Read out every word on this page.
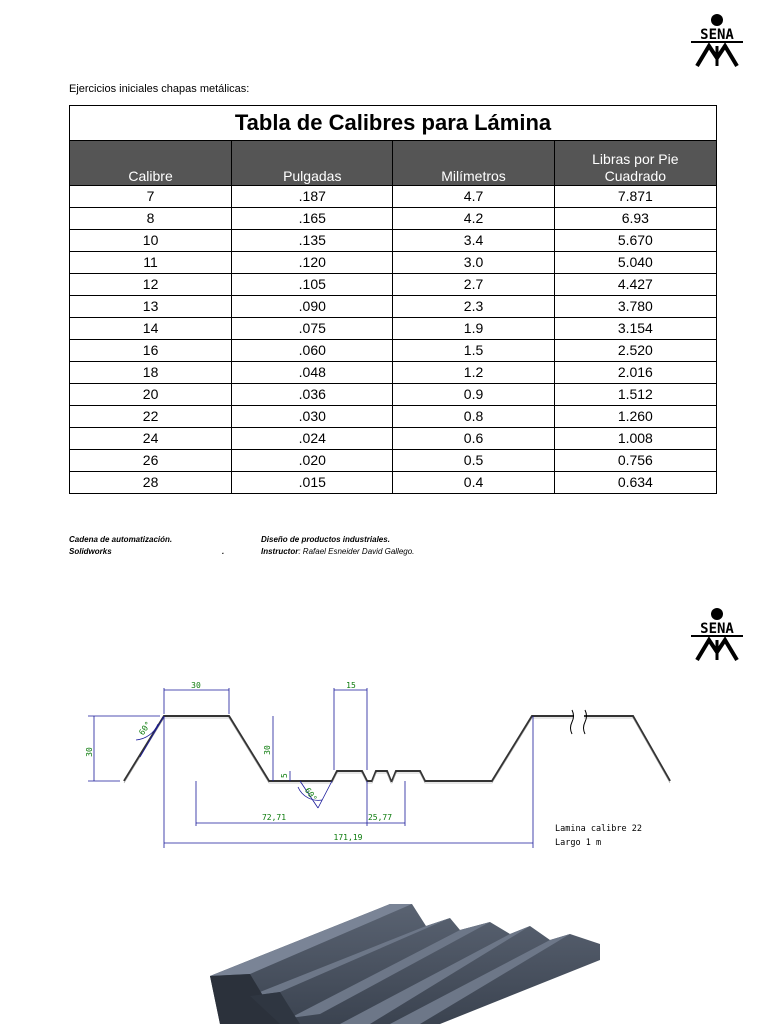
SENA
Ejercicios iniciales chapas metálicas:
Tabla de Calibres para Lámina			
Calibre	Pulgadas	Milímetros	Libras por Pie
Cuadrado
7	.187	4.7	7.871
8	.165	4.2	6.93
10	.135	3.4	5.670
11	.120	3.0	5.040
12	.105	2.7	4.427
13	.090	2.3	3.780
14	.075	1.9	3.154
16	.060	1.5	2.520
18	.048	1.2	2.016
20	.036	0.9	1.512
22	.030	0.8	1.260
24	.024	0.6	1.008
26	.020	0.5	0.756
28	.015	0.4	0.634
Cadena de automatización.
Solidworks	.
Diseño de productos industriales.
Instructor: Rafael Esneider David Gallego.
SENA
30
30	30
15
60°
60°
5
72,71	25,77
171,19
Lamina calibre 22
Largo 1 m
